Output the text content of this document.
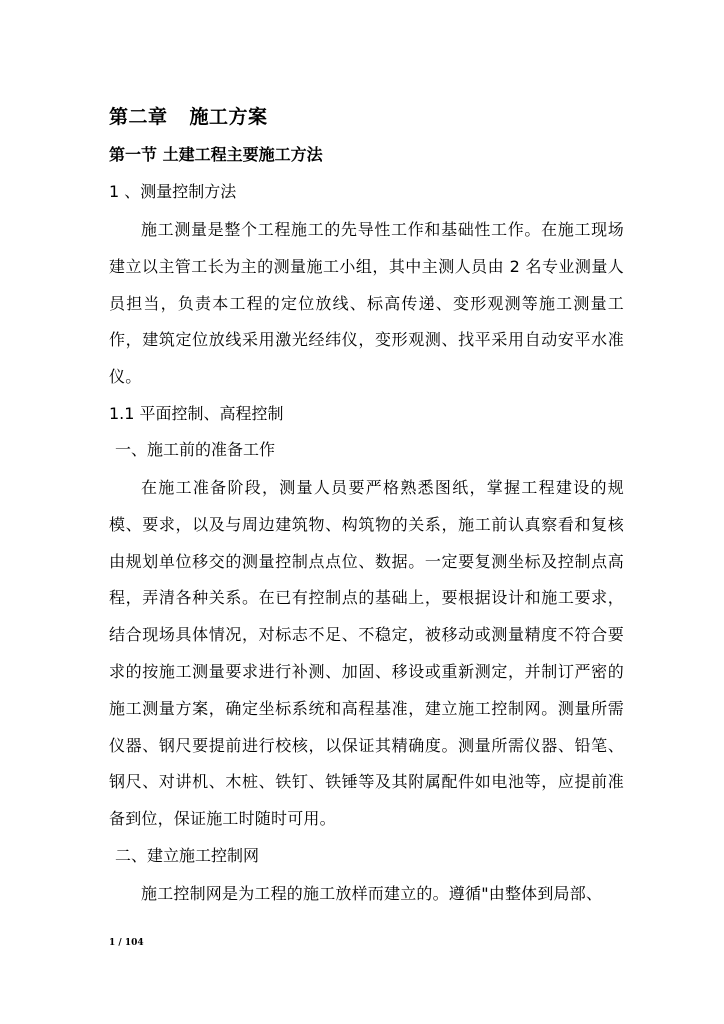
第二章 施工方案
第一节 土建工程主要施工方法
1 、测量控制方法

施工测量是整个工程施工的先导性工作和基础性工作。在施工现场建立以主管工长为主的测量施工小组，其中主测人员由 2 名专业测量人员担当，负责本工程的定位放线、标高传递、变形观测等施工测量工作，建筑定位放线采用激光经纬仪，变形观测、找平采用自动安平水准仪。

1.1 平面控制、高程控制
一、施工前的准备工作

在施工准备阶段，测量人员要严格熟悉图纸，掌握工程建设的规模、要求，以及与周边建筑物、构筑物的关系，施工前认真察看和复核由规划单位移交的测量控制点点位、数据。一定要复测坐标及控制点高程，弄清各种关系。在已有控制点的基础上，要根据设计和施工要求，结合现场具体情况，对标志不足、不稳定，被移动或测量精度不符合要求的按施工测量要求进行补测、加固、移设或重新测定，并制订严密的施工测量方案，确定坐标系统和高程基准，建立施工控制网。测量所需仪器、钢尺要提前进行校核，以保证其精确度。测量所需仪器、铅笔、钢尺、对讲机、木桩、铁钉、铁锤等及其附属配件如电池等，应提前准备到位，保证施工时随时可用。

二、建立施工控制网

施工控制网是为工程的施工放样而建立的。遵循"由整体到局部、

1 / 104
